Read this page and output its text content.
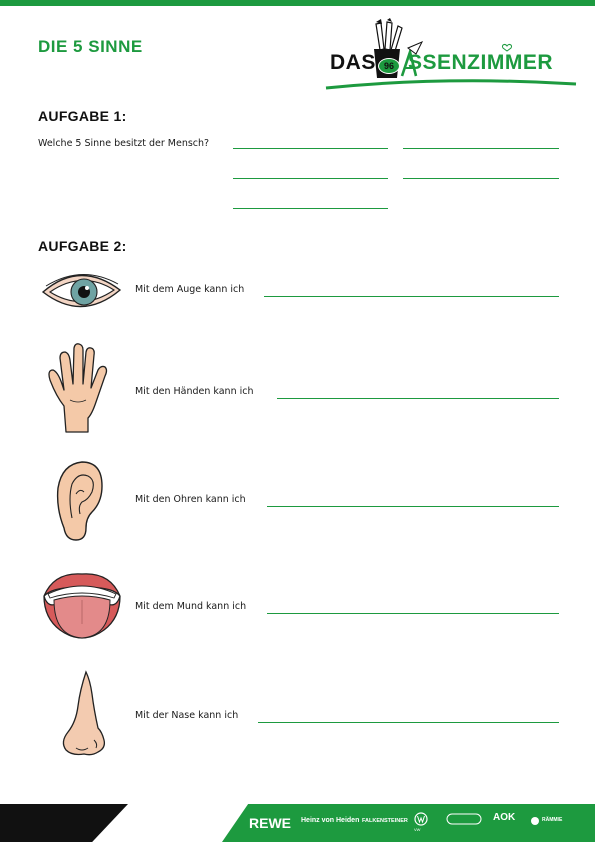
DIE 5 SINNE
DAS 96 SSENZIMMER
AUFGABE 1:
Welche 5 Sinne besitzt der Mensch?
AUFGABE 2:
Mit dem Auge kann ich
Mit den Händen kann ich
Mit den Ohren kann ich
Mit dem Mund kann ich
Mit der Nase kann ich
REWE Heinz von Heiden FALKENSTEINER
VW
AOK	RÄMMIE
